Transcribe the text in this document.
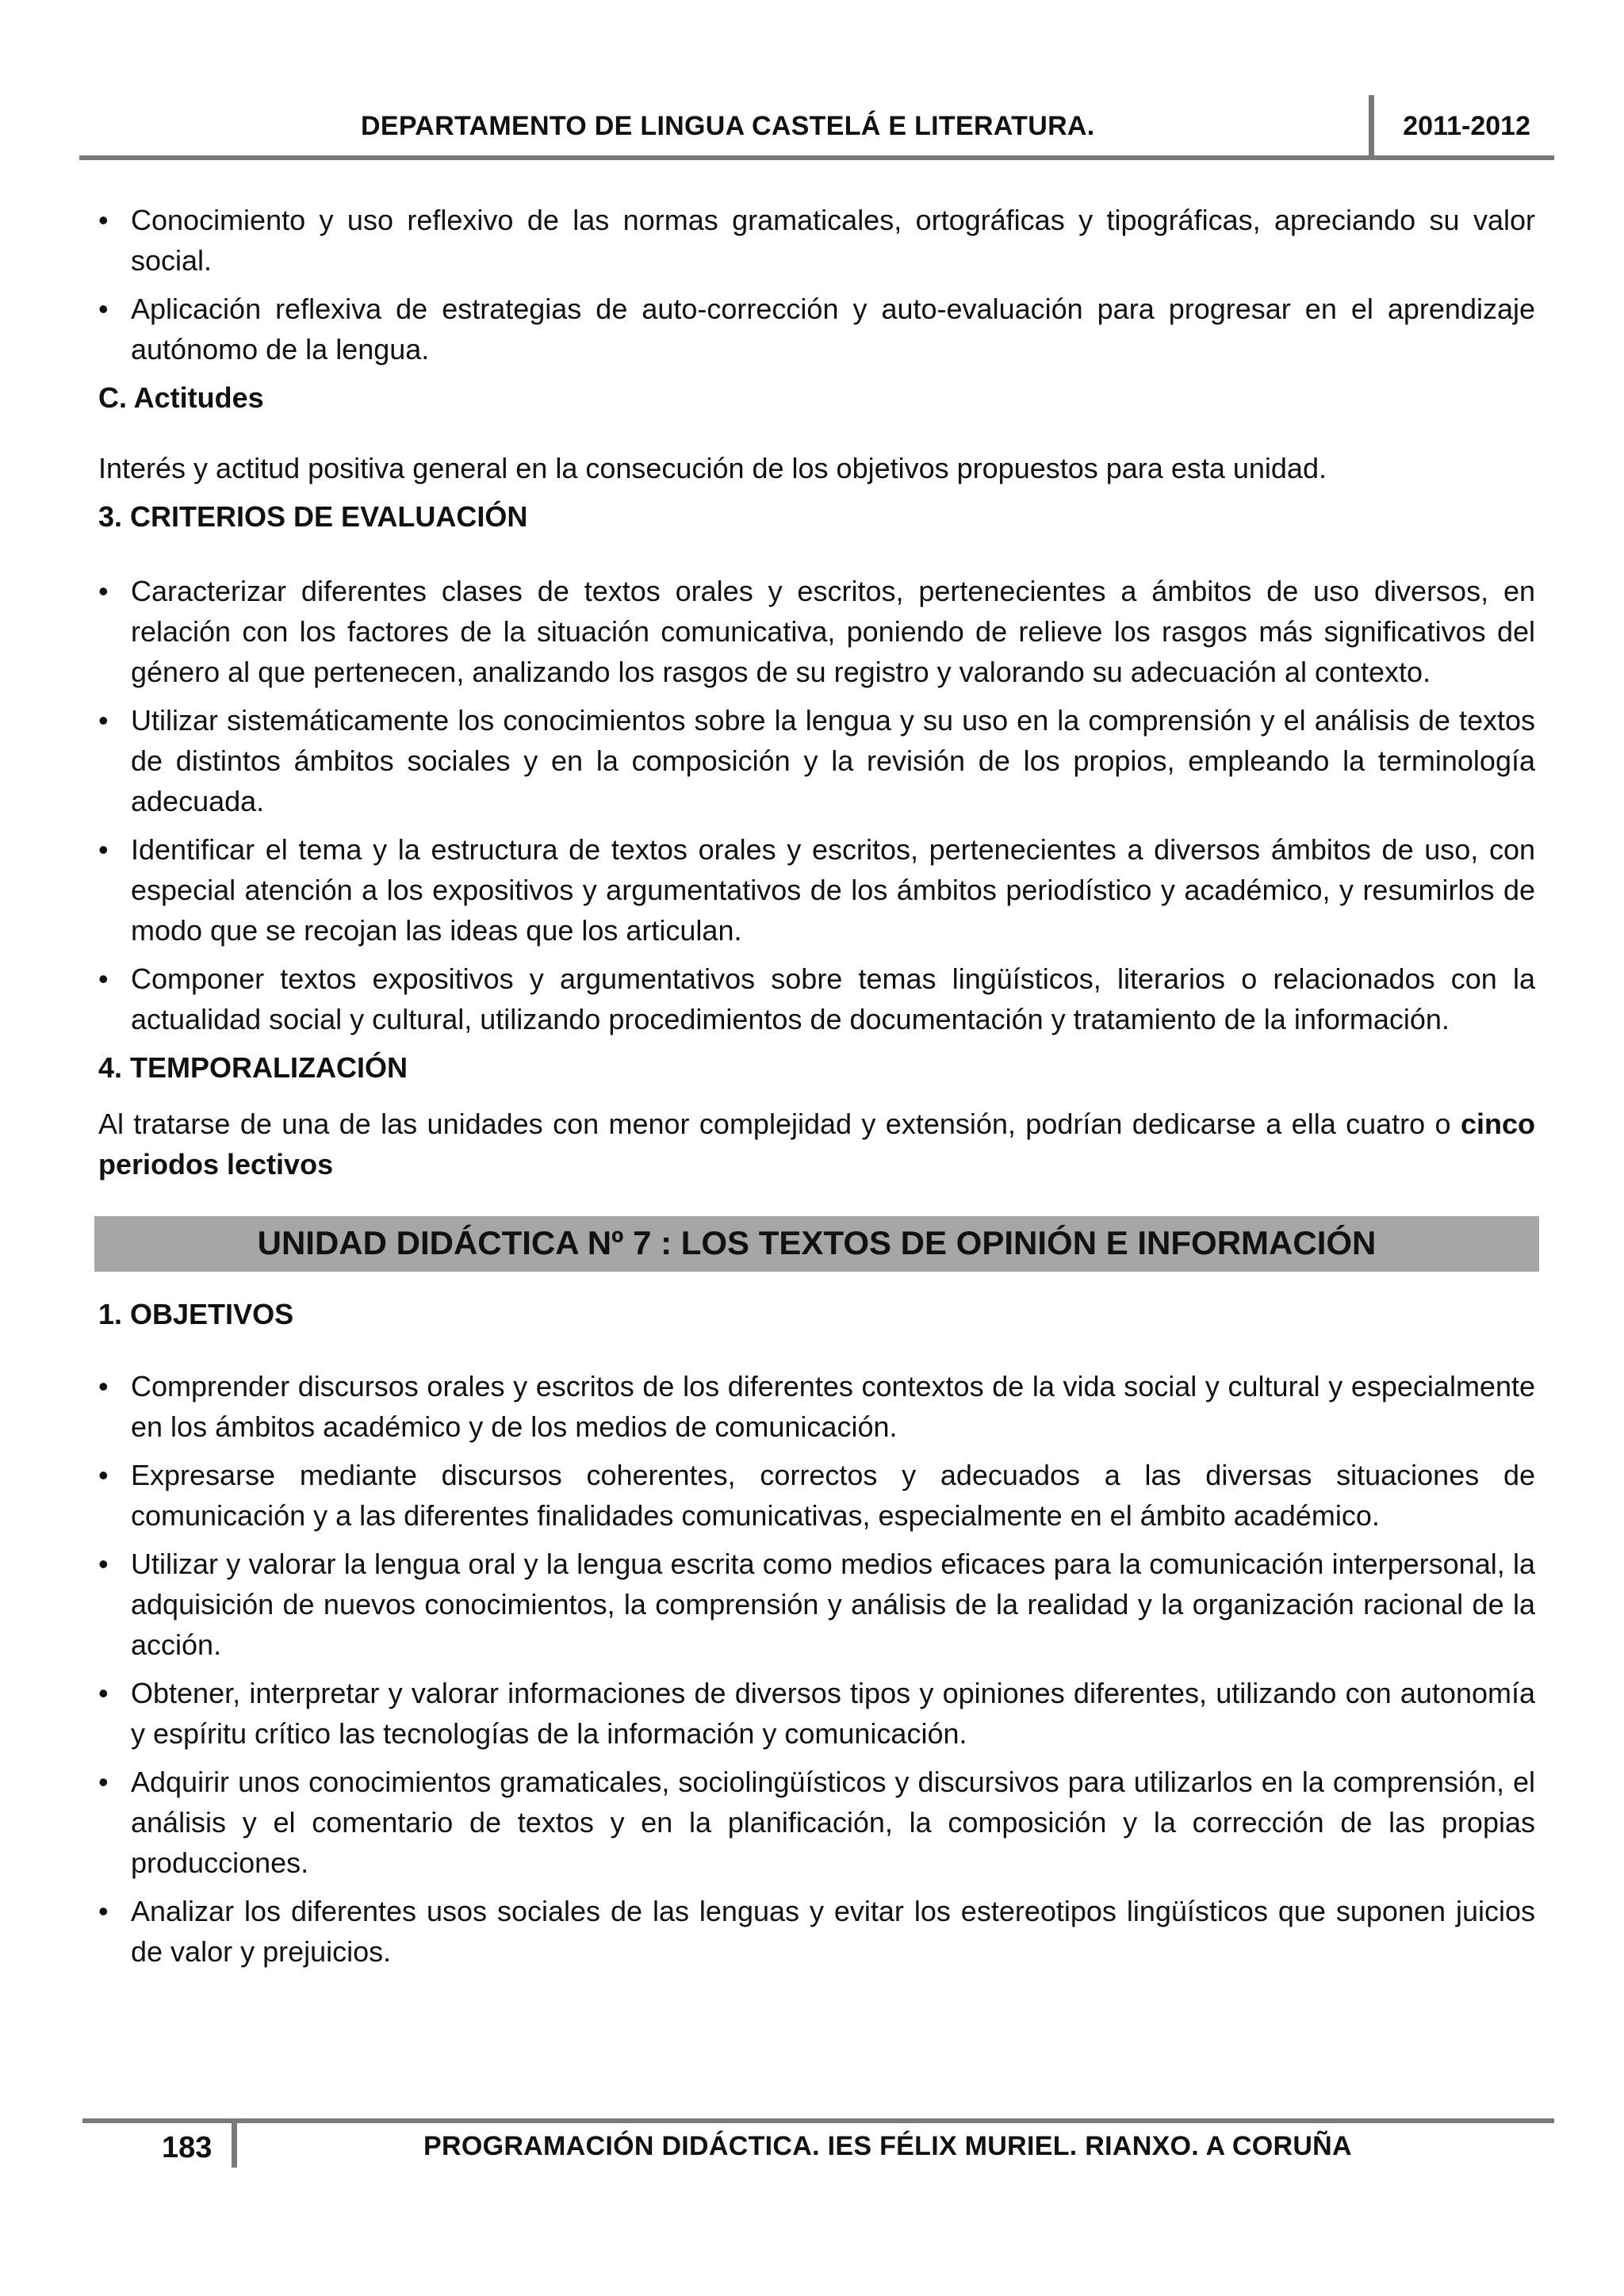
DEPARTAMENTO DE LINGUA CASTELÁ E LITERATURA.	2011-2012
• Conocimiento y uso reflexivo de las normas gramaticales, ortográficas y tipográficas, apreciando su valor social.
• Aplicación reflexiva de estrategias de auto-corrección y auto-evaluación para progresar en el aprendizaje autónomo de la lengua.
C. Actitudes
Interés y actitud positiva general en la consecución de los objetivos propuestos para esta unidad.
3. CRITERIOS DE EVALUACIÓN
• Caracterizar diferentes clases de textos orales y escritos, pertenecientes a ámbitos de uso diversos, en relación con los factores de la situación comunicativa, poniendo de relieve los rasgos más significativos del género al que pertenecen, analizando los rasgos de su registro y valorando su adecuación al contexto.
• Utilizar sistemáticamente los conocimientos sobre la lengua y su uso en la comprensión y el análisis de textos de distintos ámbitos sociales y en la composición y la revisión de los propios, empleando la terminología adecuada.
• Identificar el tema y la estructura de textos orales y escritos, pertenecientes a diversos ámbitos de uso, con especial atención a los expositivos y argumentativos de los ámbitos periodístico y académico, y resumirlos de modo que se recojan las ideas que los articulan.
• Componer textos expositivos y argumentativos sobre temas lingüísticos, literarios o relacionados con la actualidad social y cultural, utilizando procedimientos de documentación y tratamiento de la información.
4. TEMPORALIZACIÓN
Al tratarse de una de las unidades con menor complejidad y extensión, podrían dedicarse a ella cuatro o cinco periodos lectivos
UNIDAD DIDÁCTICA Nº 7 : LOS TEXTOS DE OPINIÓN E INFORMACIÓN
1. OBJETIVOS
• Comprender discursos orales y escritos de los diferentes contextos de la vida social y cultural y especialmente en los ámbitos académico y de los medios de comunicación.
• Expresarse mediante discursos coherentes, correctos y adecuados a las diversas situaciones de comunicación y a las diferentes finalidades comunicativas, especialmente en el ámbito académico.
• Utilizar y valorar la lengua oral y la lengua escrita como medios eficaces para la comunicación interpersonal, la adquisición de nuevos conocimientos, la comprensión y análisis de la realidad y la organización racional de la acción.
• Obtener, interpretar y valorar informaciones de diversos tipos y opiniones diferentes, utilizando con autonomía y espíritu crítico las tecnologías de la información y comunicación.
• Adquirir unos conocimientos gramaticales, sociolingüísticos y discursivos para utilizarlos en la comprensión, el análisis y el comentario de textos y en la planificación, la composición y la corrección de las propias producciones.
• Analizar los diferentes usos sociales de las lenguas y evitar los estereotipos lingüísticos que suponen juicios de valor y prejuicios.
183	PROGRAMACIÓN DIDÁCTICA. IES FÉLIX MURIEL. RIANXO. A CORUÑA
